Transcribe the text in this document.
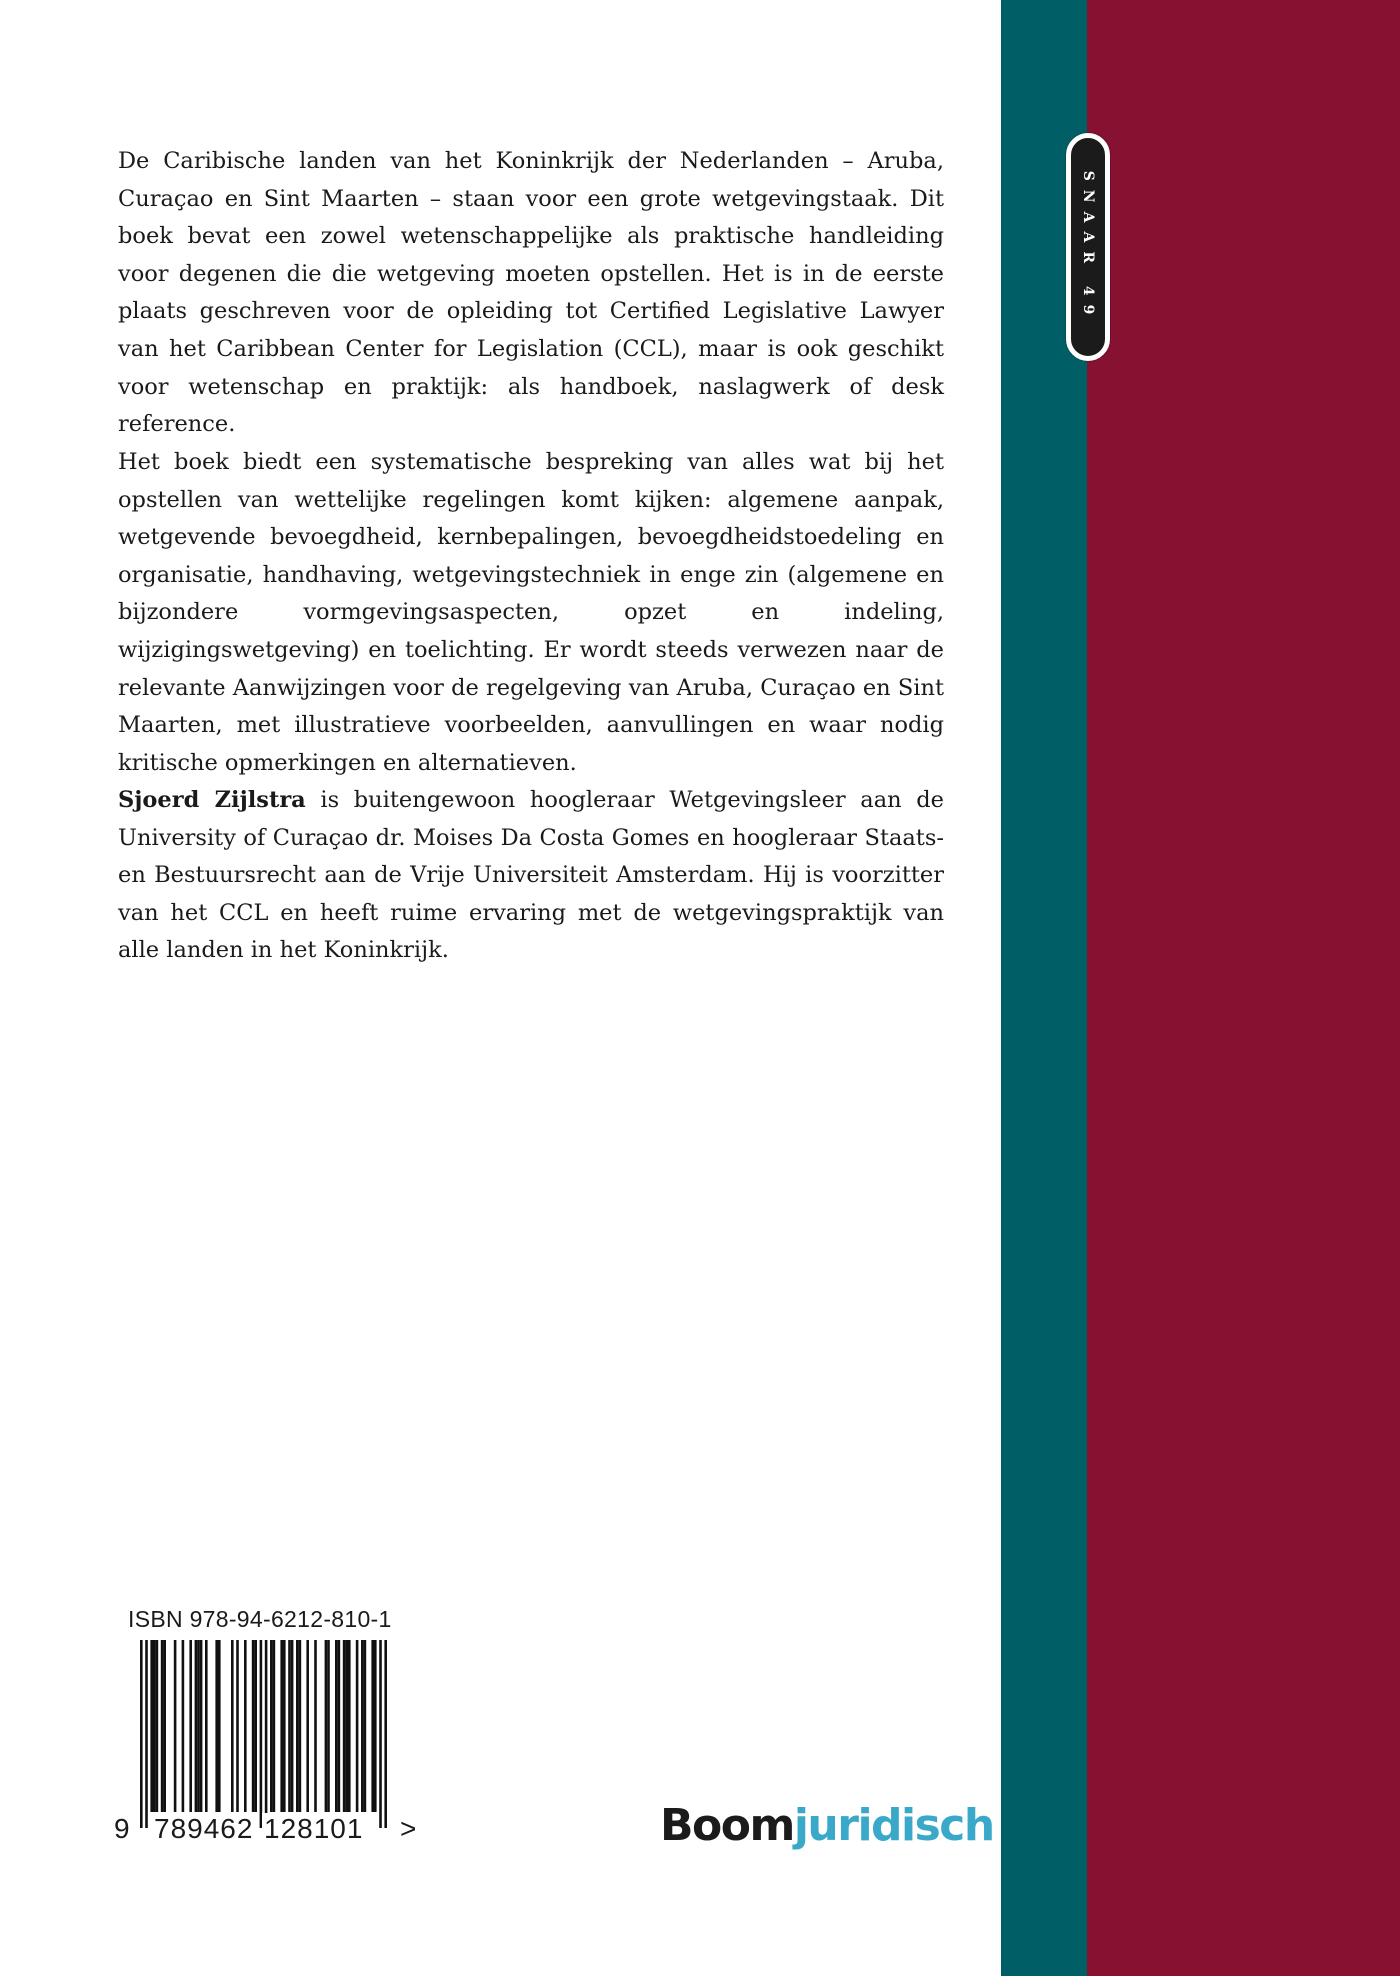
SNAAR 49

De Caribische landen van het Koninkrijk der Nederlanden – Aruba, Curaçao en Sint Maarten – staan voor een grote wetgevingstaak. Dit boek bevat een zowel wetenschappelijke als praktische handleiding voor degenen die die wetgeving moeten opstellen. Het is in de eerste plaats geschreven voor de opleiding tot Certified Legislative Lawyer van het Caribbean Center for Legislation (CCL), maar is ook geschikt voor wetenschap en praktijk: als handboek, naslagwerk of desk reference.

Het boek biedt een systematische bespreking van alles wat bij het opstellen van wettelijke regelingen komt kijken: algemene aanpak, wetgevende bevoegdheid, kernbepalingen, bevoegdheidstoedeling en organisatie, handhaving, wetgevingstechniek in enge zin (algemene en bijzondere vormgevingsaspecten, opzet en indeling, wijzigingswetgeving) en toelichting. Er wordt steeds verwezen naar de relevante Aanwijzingen voor de regelgeving van Aruba, Curaçao en Sint Maarten, met illustratieve voorbeelden, aanvullingen en waar nodig kritische opmerkingen en alternatieven.

Sjoerd Zijlstra is buitengewoon hoogleraar Wetgevingsleer aan de University of Curaçao dr. Moises Da Costa Gomes en hoogleraar Staats- en Bestuursrecht aan de Vrije Universiteit Amsterdam. Hij is voorzitter van het CCL en heeft ruime ervaring met de wetgevingspraktijk van alle landen in het Koninkrijk.

ISBN 978-94-6212-810-1
9 789462 128101 >	Boomjuridisch
